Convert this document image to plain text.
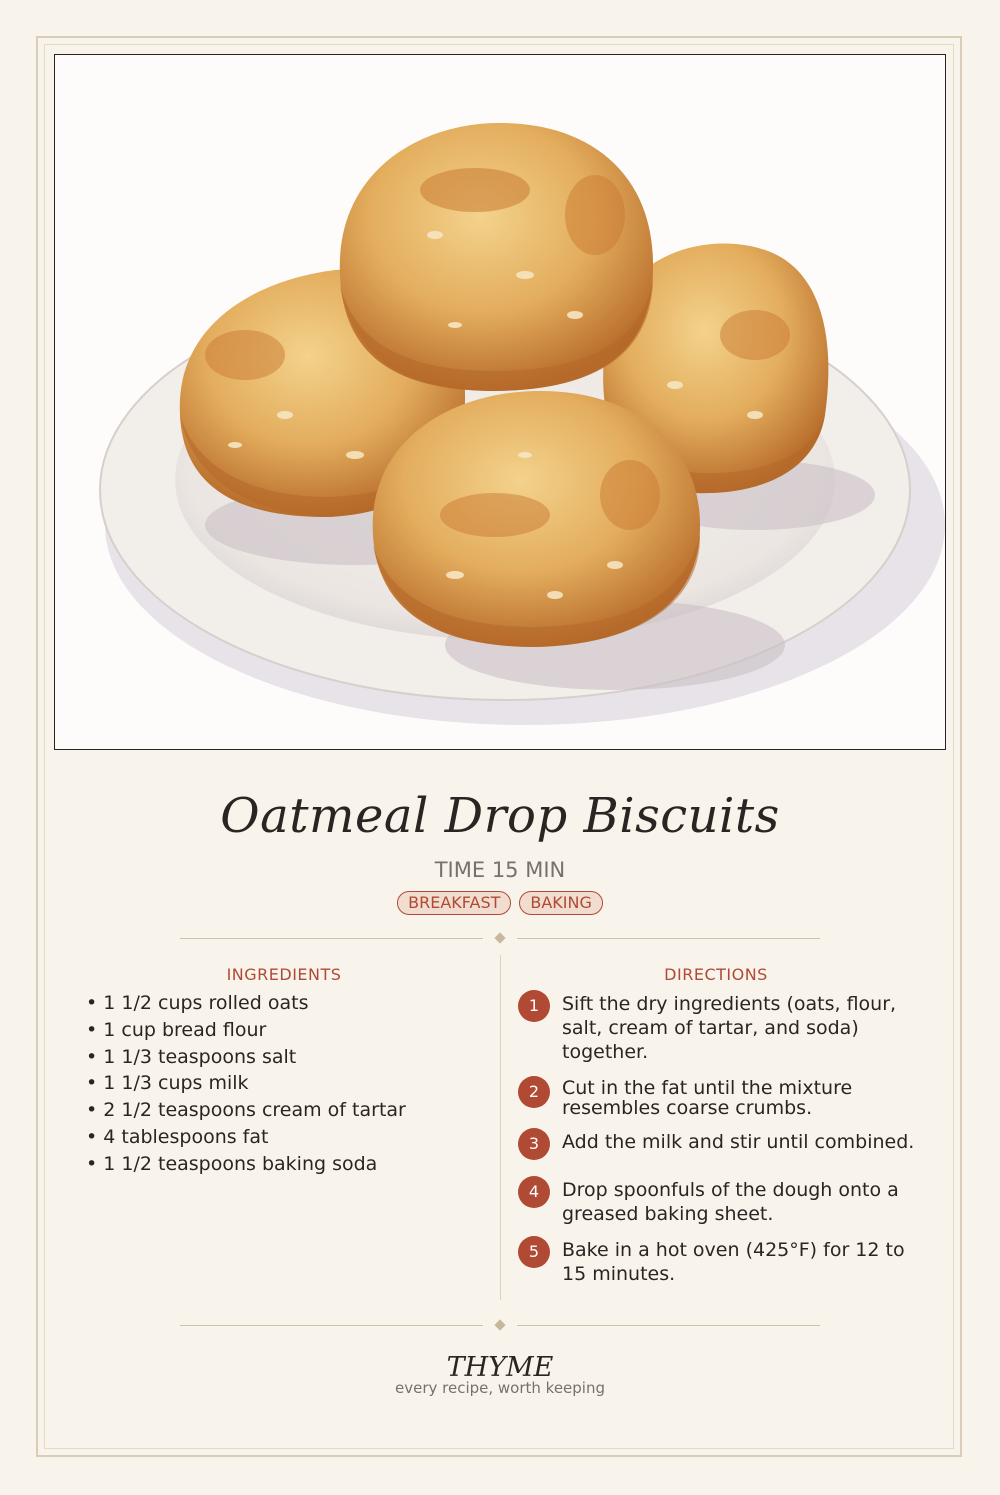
Oatmeal Drop Biscuits
TIME 15 MIN
BREAKFAST BAKING
INGREDIENTS
• 1 1/2 cups rolled oats
• 1 cup bread flour
• 1 1/3 teaspoons salt
• 1 1/3 cups milk
• 2 1/2 teaspoons cream of tartar
• 4 tablespoons fat
• 1 1/2 teaspoons baking soda
DIRECTIONS
1	Sift the dry ingredients (oats, flour, salt, cream of tartar, and soda) together.
2	Cut in the fat until the mixture resembles coarse crumbs.
3	Add the milk and stir until combined.
4	Drop spoonfuls of the dough onto a greased baking sheet.
5	Bake in a hot oven (425°F) for 12 to 15 minutes.
THYME
every recipe, worth keeping
